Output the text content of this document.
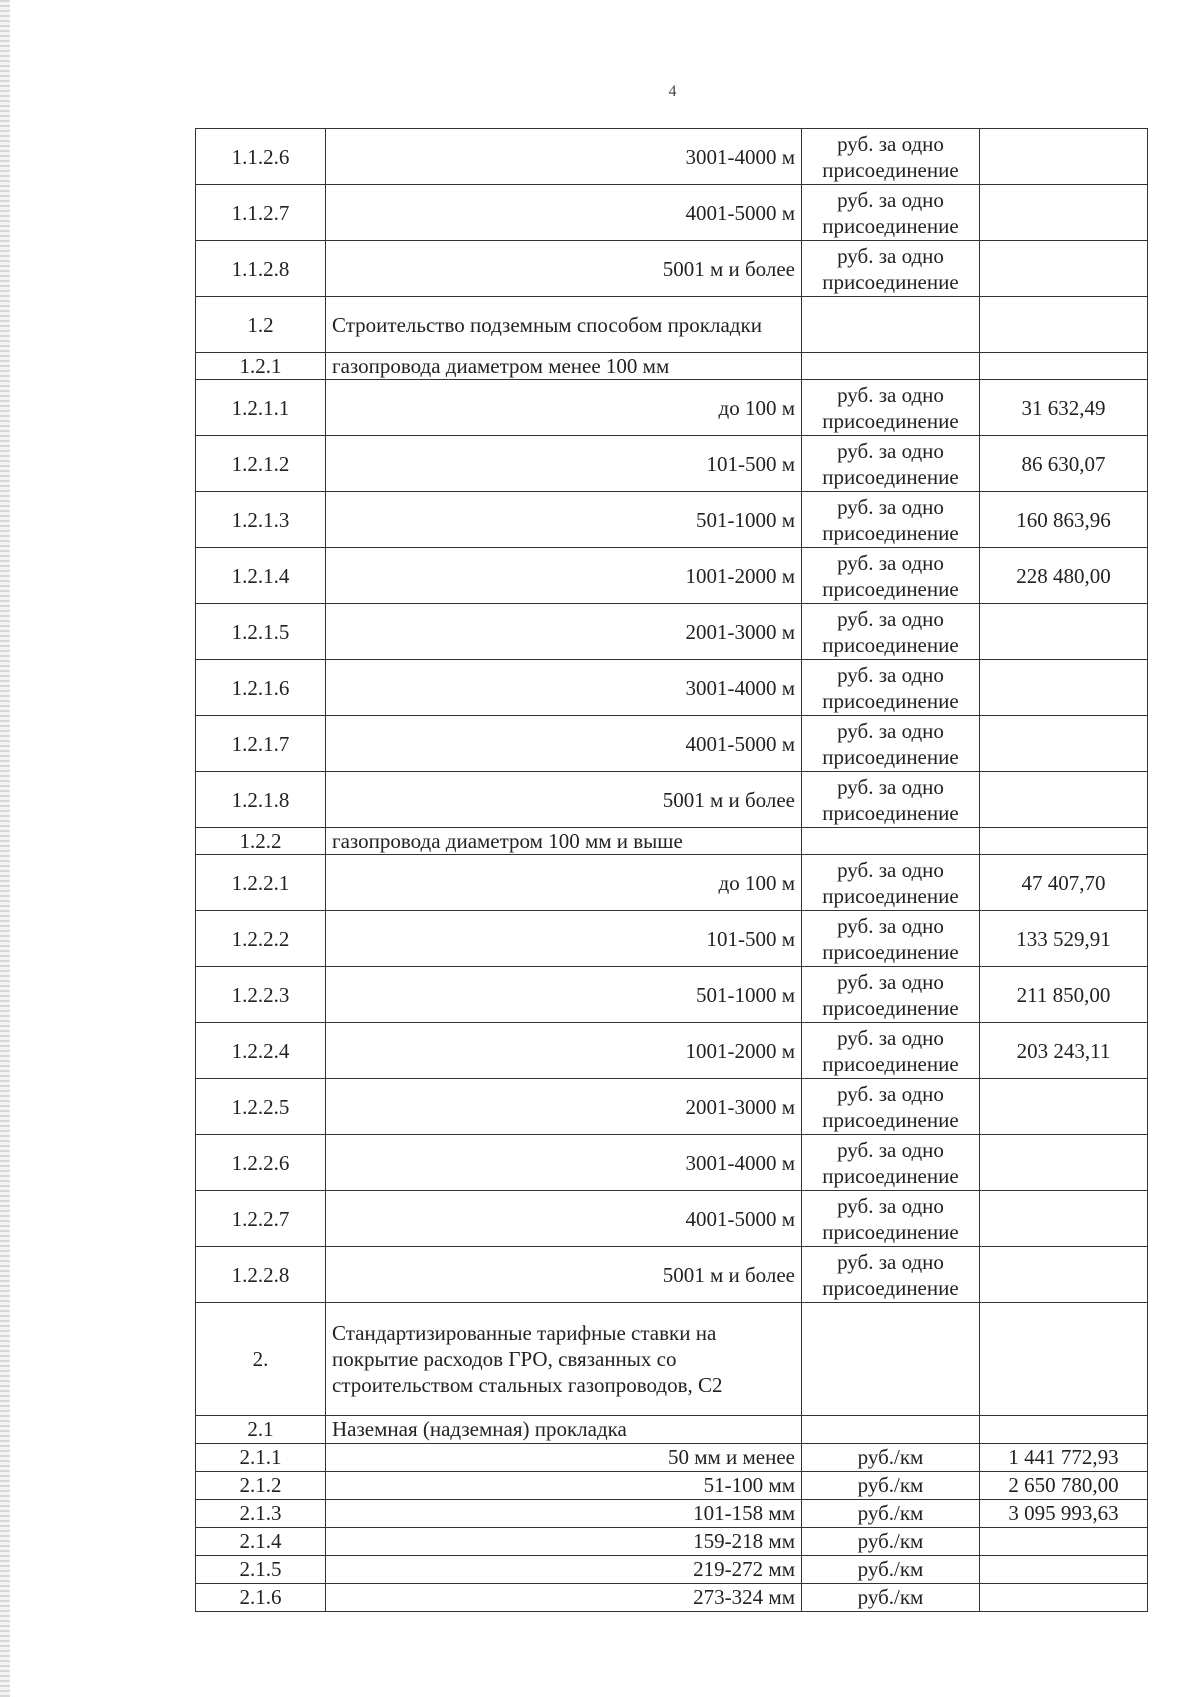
4
1.1.2.6	3001-4000 м	руб. за одно присоединение	
1.1.2.7	4001-5000 м	руб. за одно присоединение	
1.1.2.8	5001 м и более	руб. за одно присоединение	
1.2	Строительство подземным способом прокладки		
1.2.1	газопровода диаметром менее 100 мм		
1.2.1.1	до 100 м	руб. за одно присоединение	31 632,49
1.2.1.2	101-500 м	руб. за одно присоединение	86 630,07
1.2.1.3	501-1000 м	руб. за одно присоединение	160 863,96
1.2.1.4	1001-2000 м	руб. за одно присоединение	228 480,00
1.2.1.5	2001-3000 м	руб. за одно присоединение	
1.2.1.6	3001-4000 м	руб. за одно присоединение	
1.2.1.7	4001-5000 м	руб. за одно присоединение	
1.2.1.8	5001 м и более	руб. за одно присоединение	
1.2.2	газопровода диаметром 100 мм и выше		
1.2.2.1	до 100 м	руб. за одно присоединение	47 407,70
1.2.2.2	101-500 м	руб. за одно присоединение	133 529,91
1.2.2.3	501-1000 м	руб. за одно присоединение	211 850,00
1.2.2.4	1001-2000 м	руб. за одно присоединение	203 243,11
1.2.2.5	2001-3000 м	руб. за одно присоединение	
1.2.2.6	3001-4000 м	руб. за одно присоединение	
1.2.2.7	4001-5000 м	руб. за одно присоединение	
1.2.2.8	5001 м и более	руб. за одно присоединение	
2.	Стандартизированные тарифные ставки на покрытие расходов ГРО, связанных со строительством стальных газопроводов, С2		
2.1	Наземная (надземная) прокладка		
2.1.1	50 мм и менее	руб./км	1 441 772,93
2.1.2	51-100 мм	руб./км	2 650 780,00
2.1.3	101-158 мм	руб./км	3 095 993,63
2.1.4	159-218 мм	руб./км	
2.1.5	219-272 мм	руб./км	
2.1.6	273-324 мм	руб./км	
